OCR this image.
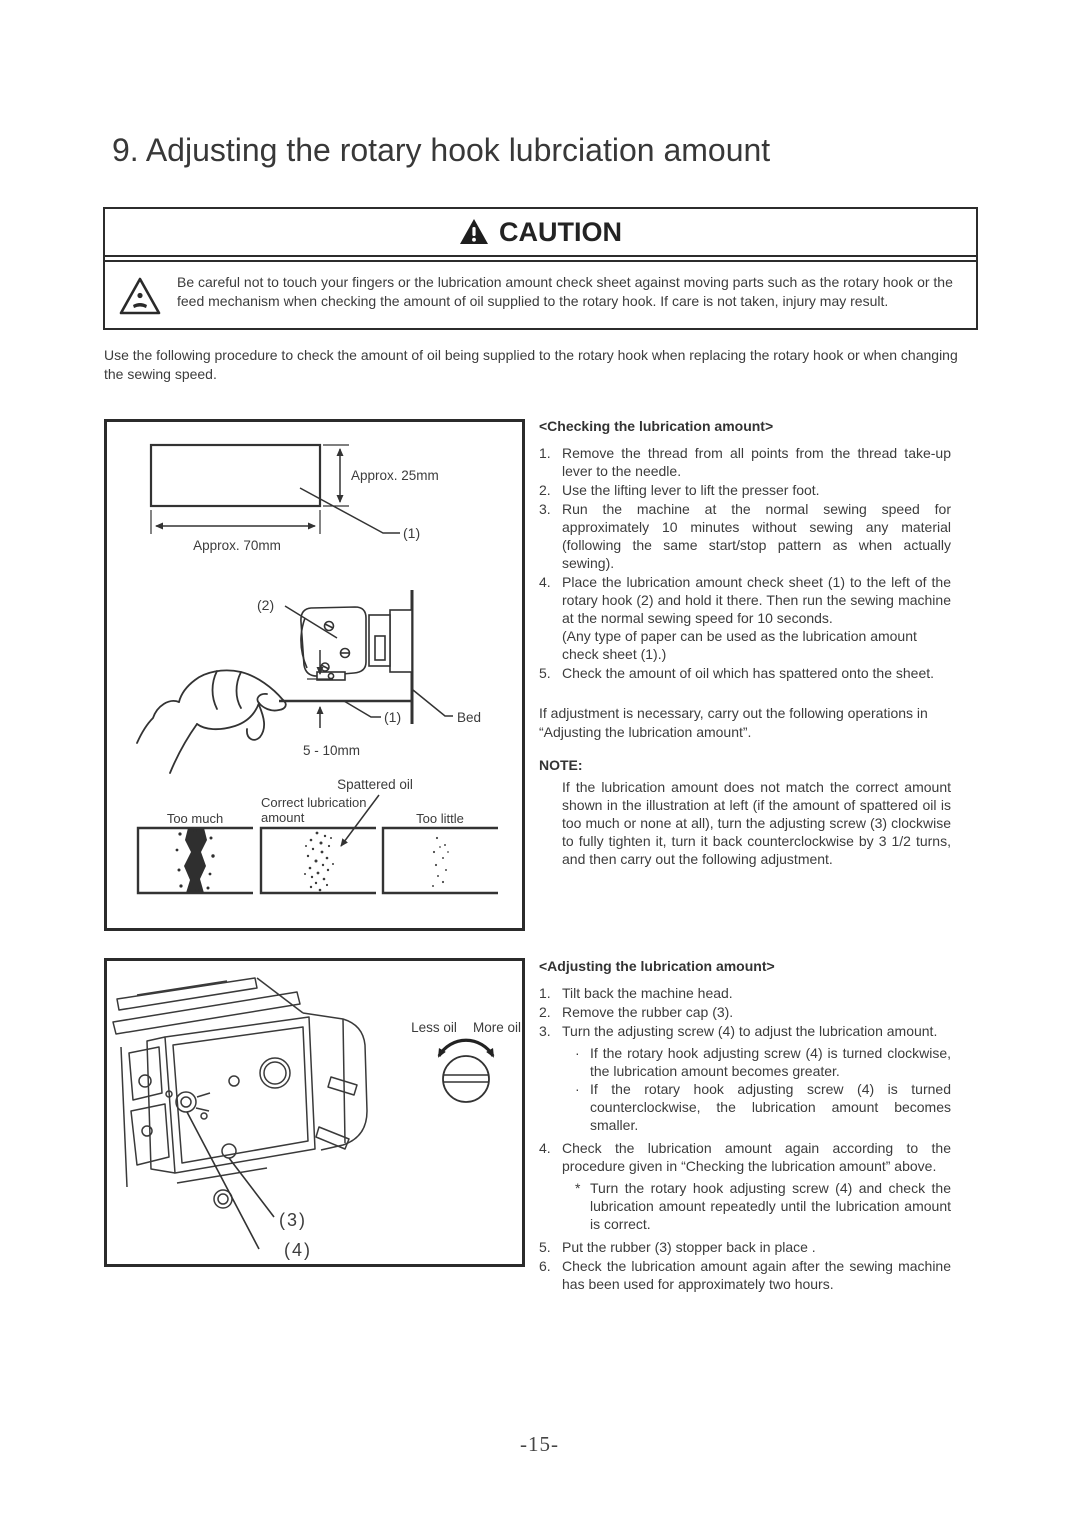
9. Adjusting the rotary hook lubrciation amount
CAUTION
Be careful not to touch your fingers or the lubrication amount check sheet against moving parts such as the rotary hook or the feed mechanism when checking the amount of oil supplied to the rotary hook. If care is not taken, injury may result.
Use the following procedure to check the amount of oil being supplied to the rotary hook when replacing the rotary hook or when changing the sewing speed.
Approx. 25mm
Approx. 70mm
(1)
(2)
5 - 10mm
(1)	Bed
Spattered oil
Too much
Correct lubrication
amount	Too little
<Checking the lubrication amount>
1. Remove the thread from all points from the thread take-up lever to the needle.
2. Use the lifting lever to lift the presser foot.
3. Run the machine at the normal sewing speed for approximately 10 minutes without sewing any material (following the same start/stop pattern as when actually sewing).
4. Place the lubrication amount check sheet (1) to the left of the rotary hook (2) and hold it there. Then run the sewing machine at the normal sewing speed for 10 seconds.
(Any type of paper can be used as the lubrication amount check sheet (1).)
5. Check the amount of oil which has spattered onto the sheet.
If adjustment is necessary, carry out the following operations in “Adjusting the lubrication amount”.
NOTE:
If the lubrication amount does not match the correct amount shown in the illustration at left (if the amount of spattered oil is too much or none at all), turn the adjusting screw (3) clockwise to fully tighten it, turn it back counterclockwise by 3 1/2 turns, and then carry out the following adjustment.
(3)
(4)
Less oil More oil
<Adjusting the lubrication amount>
1. Tilt back the machine head.
2. Remove the rubber cap (3).
3. Turn the adjusting screw (4) to adjust the lubrication amount.
· If the rotary hook adjusting screw (4) is turned clockwise, the lubrication amount becomes greater.
· If the rotary hook adjusting screw (4) is turned counterclockwise, the lubrication amount becomes smaller.
4. Check the lubrication amount again according to the procedure given in “Checking the lubrication amount” above.
* Turn the rotary hook adjusting screw (4) and check the lubrication amount repeatedly until the lubrication amount is correct.
5. Put the rubber (3) stopper back in place .
6. Check the lubrication amount again after the sewing machine has been used for approximately two hours.
-15-
